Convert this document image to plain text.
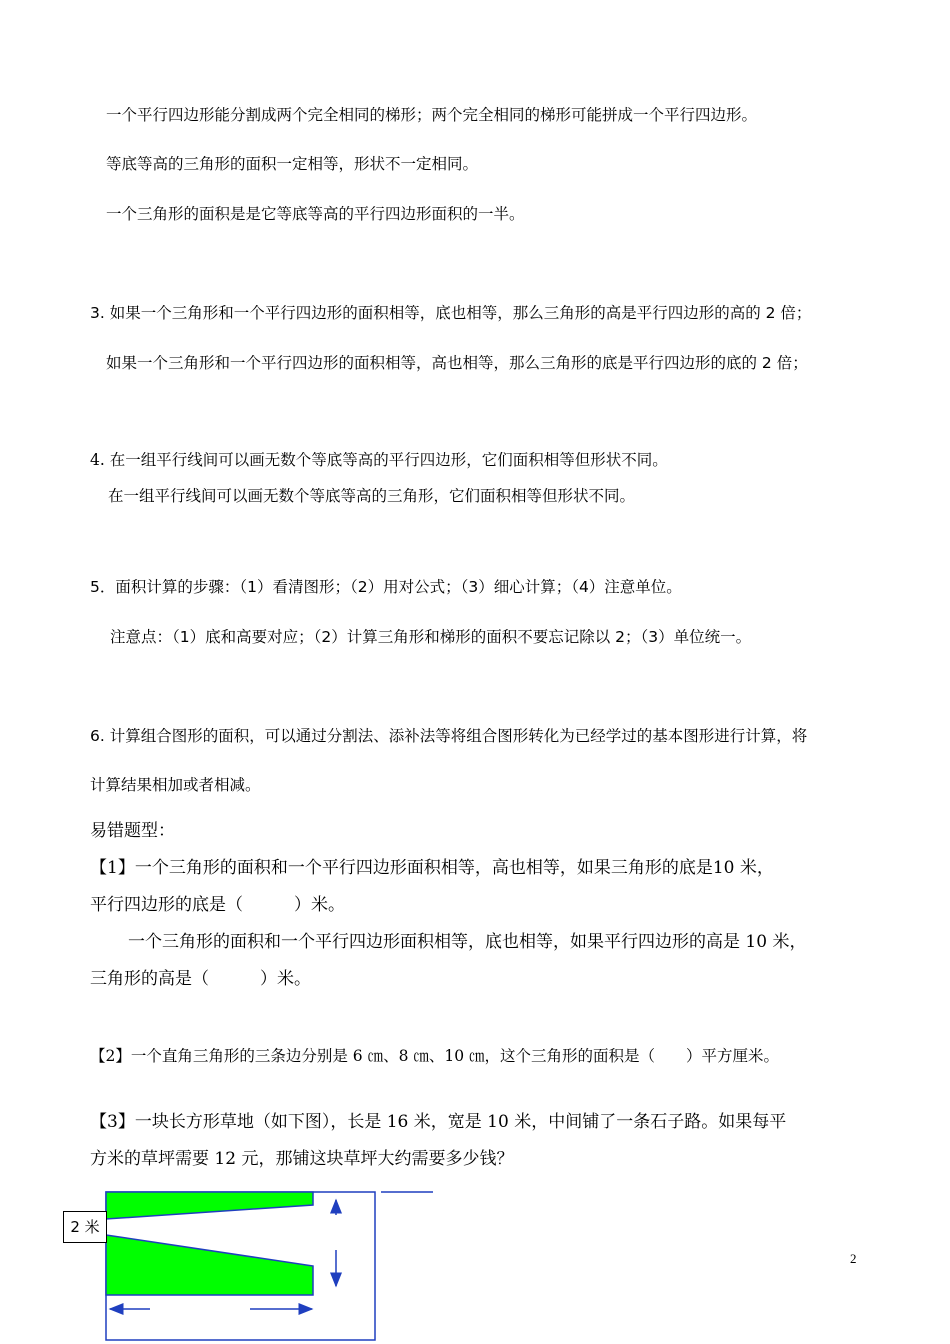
一个平行四边形能分割成两个完全相同的梯形；两个完全相同的梯形可能拼成一个平行四边形。
等底等高的三角形的面积一定相等，形状不一定相同。
一个三角形的面积是是它等底等高的平行四边形面积的一半。
3. 如果一个三角形和一个平行四边形的面积相等，底也相等，那么三角形的高是平行四边形的高的 2 倍；
如果一个三角形和一个平行四边形的面积相等，高也相等，那么三角形的底是平行四边形的底的 2 倍；
4. 在一组平行线间可以画无数个等底等高的平行四边形，它们面积相等但形状不同。
在一组平行线间可以画无数个等底等高的三角形，它们面积相等但形状不同。
5．面积计算的步骤：（1）看清图形；（2）用对公式；（3）细心计算；（4）注意单位。
注意点：（1）底和高要对应；（2）计算三角形和梯形的面积不要忘记除以 2；（3）单位统一。
6. 计算组合图形的面积，可以通过分割法、添补法等将组合图形转化为已经学过的基本图形进行计算，将
计算结果相加或者相减。
易错题型：
【1】一个三角形的面积和一个平行四边形面积相等，高也相等，如果三角形的底是10 米，
平行四边形的底是（　　　）米。
一个三角形的面积和一个平行四边形面积相等，底也相等，如果平行四边形的高是 10 米，
三角形的高是（　　　）米。
【2】一个直角三角形的三条边分别是 6 ㎝、8 ㎝、10 ㎝，这个三角形的面积是（　　）平方厘米。
【3】一块长方形草地（如下图），长是 16 米，宽是 10 米，中间铺了一条石子路。如果每平
方米的草坪需要 12 元，那铺这块草坪大约需要多少钱？
2 米
2
